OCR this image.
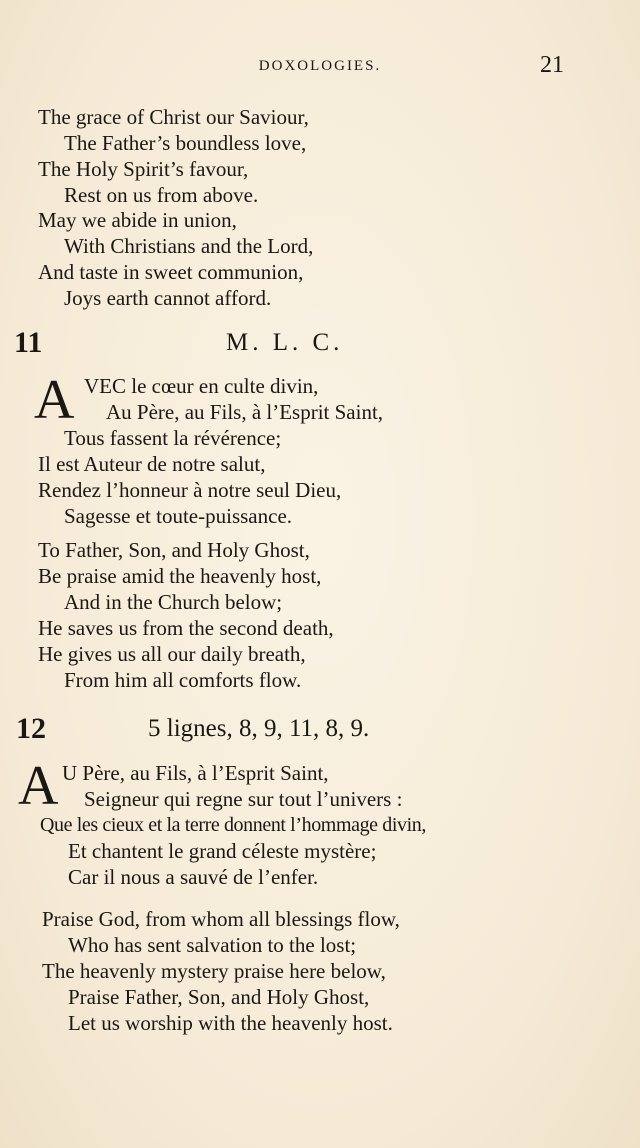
DOXOLOGIES.	21
The grace of Christ our Saviour,
The Father’s boundless love,
The Holy Spirit’s favour,
Rest on us from above.
May we abide in union,
With Christians and the Lord,
And taste in sweet communion,
Joys earth cannot afford.
11	M. L. C.
A VEC le cœur en culte divin,
Au Père, au Fils, à l’Esprit Saint,
Tous fassent la révérence;
Il est Auteur de notre salut,
Rendez l’honneur à notre seul Dieu,
Sagesse et toute-puissance.
To Father, Son, and Holy Ghost,
Be praise amid the heavenly host,
And in the Church below;
He saves us from the second death,
He gives us all our daily breath,
From him all comforts flow.
12	5 lignes, 8, 9, 11, 8, 9.
A U Père, au Fils, à l’Esprit Saint,
Seigneur qui regne sur tout l’univers :
Que les cieux et la terre donnent l’hommage divin,
Et chantent le grand céleste mystère;
Car il nous a sauvé de l’enfer.
Praise God, from whom all blessings flow,
Who has sent salvation to the lost;
The heavenly mystery praise here below,
Praise Father, Son, and Holy Ghost,
Let us worship with the heavenly host.
